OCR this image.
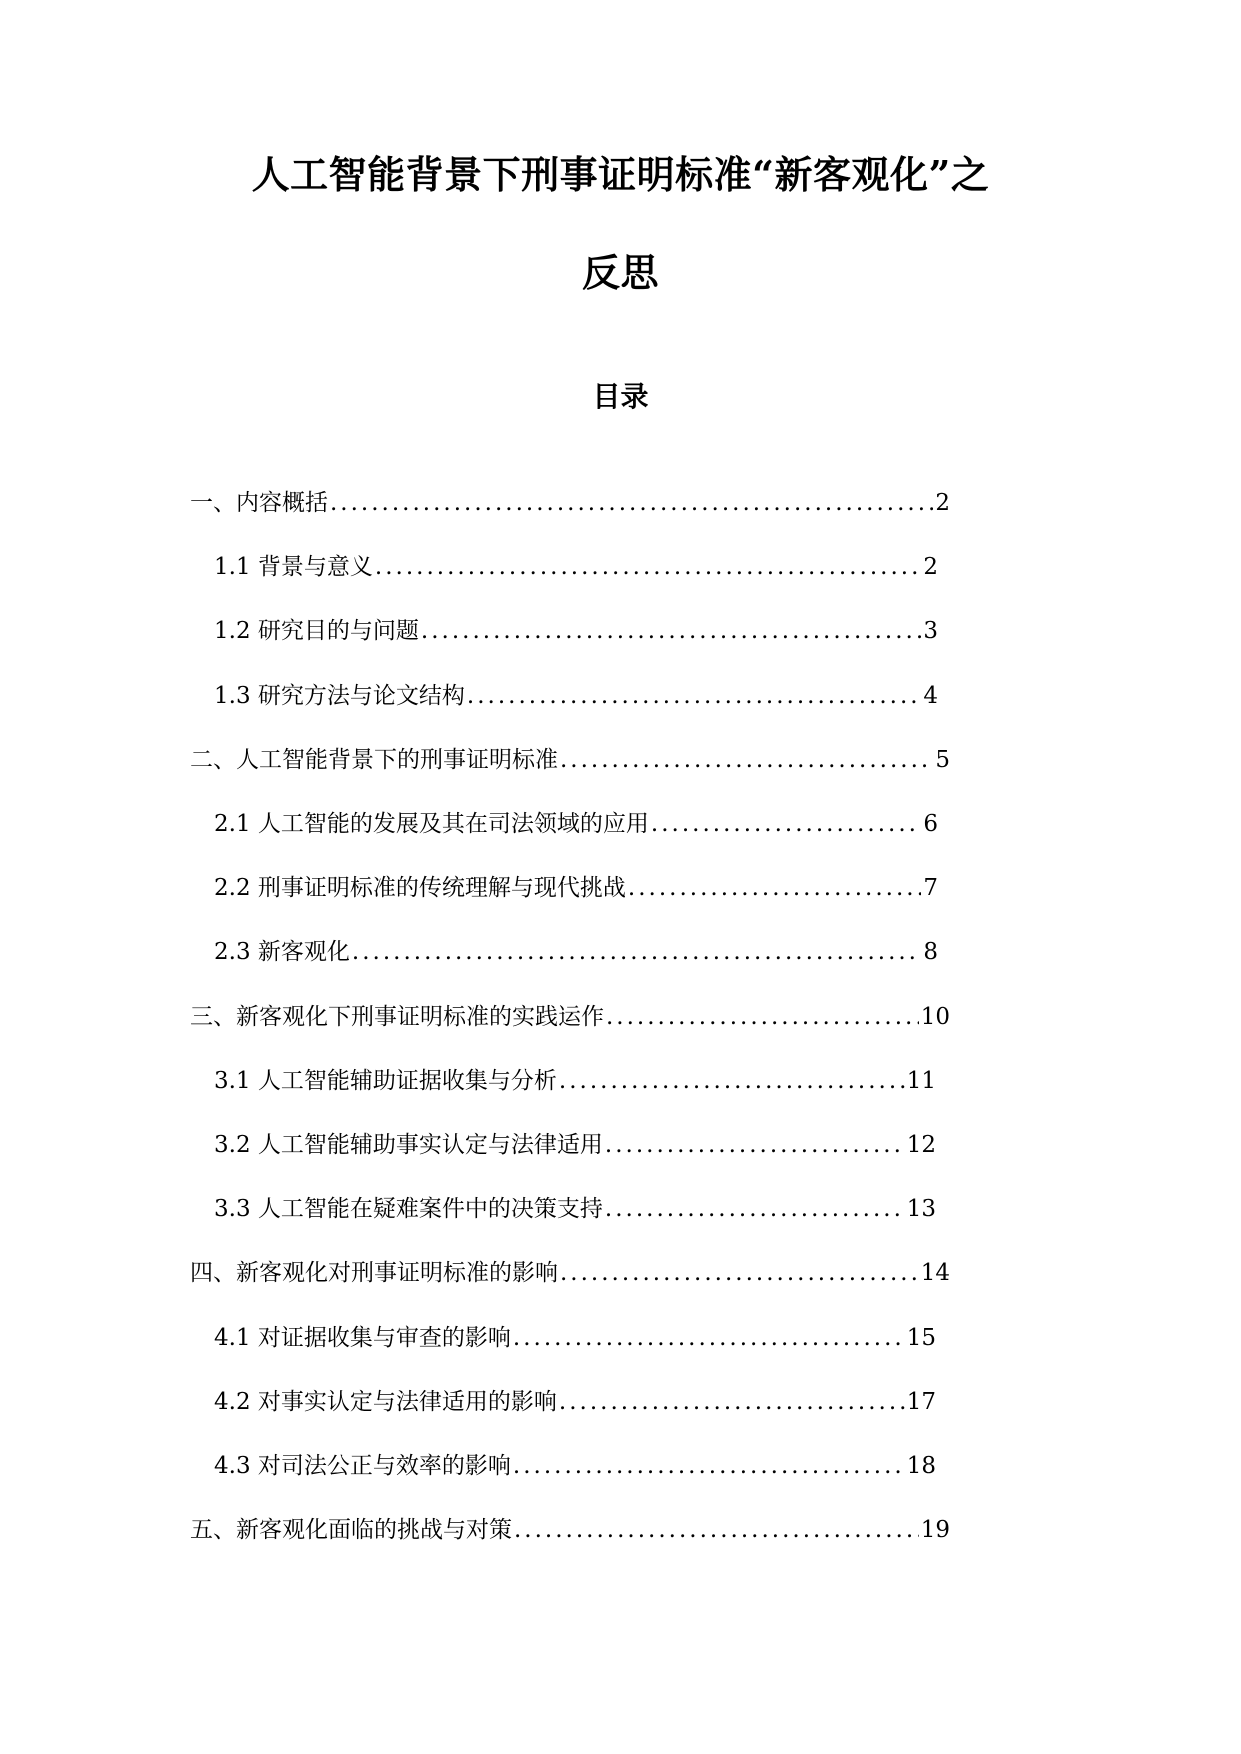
人工智能背景下刑事证明标准“新客观化”之
反思
目录
一、内容概括 .....	2
1.1 背景与意义 .....	2
1.2 研究目的与问题 .....	3
1.3 研究方法与论文结构 .....	4
二、人工智能背景下的刑事证明标准 .....	5
2.1 人工智能的发展及其在司法领域的应用 .....	6
2.2 刑事证明标准的传统理解与现代挑战 .....	7
2.3 新客观化 .....	8
三、新客观化下刑事证明标准的实践运作 .....	10
3.1 人工智能辅助证据收集与分析 .....	11
3.2 人工智能辅助事实认定与法律适用 .....	12
3.3 人工智能在疑难案件中的决策支持 .....	13
四、新客观化对刑事证明标准的影响 .....	14
4.1 对证据收集与审查的影响 .....	15
4.2 对事实认定与法律适用的影响 .....	17
4.3 对司法公正与效率的影响 .....	18
五、新客观化面临的挑战与对策 .....	19
